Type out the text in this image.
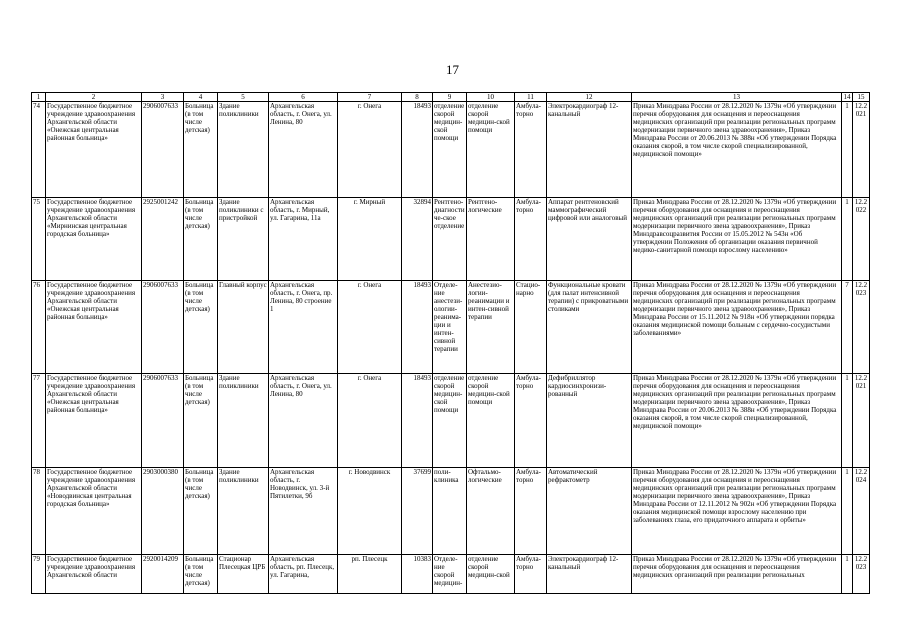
17
1	2	3	4	5	6	7	8	9	10	11	12	13	14	15
74	Государственное бюджетное учреждение здравоохранения Архангельской области «Онежская центральная районная больница»	2906007633	Больница (в том числе детская)	Здание поликлиники	Архангельская область, г. Онега, ул. Ленина, 80	г. Онега	18493	отделение скорой медицин-ской помощи	отделение скорой медицин-ской помощи	Амбула-торно	Электрокардиограф 12-канальный	Приказ Минздрава России от 28.12.2020 № 1379н «Об утверждении перечня оборудования для оснащения и переоснащения медицинских организаций при реализации региональных программ модернизации первичного звена здравоохранения», Приказ Минздрава России от 20.06.2013 № 388н «Об утверждении Порядка оказания скорой, в том числе скорой специализированной, медицинской помощи»	1	12.2021
75	Государственное бюджетное учреждение здравоохранения Архангельской области «Мирнинская центральная городская больница»	2925001242	Больница (в том числе детская)	Здание поликлиники с пристройкой	Архангельская область, г. Мирный, ул. Гагарина, 11а	г. Мирный	32894	Рентгено-диагностиче-ское отделение	Рентгено-логические	Амбула-торно	Аппарат рентгеновский маммографический цифровой или аналоговый	Приказ Минздрава России от 28.12.2020 № 1379н «Об утверждении перечня оборудования для оснащения и переоснащения медицинских организаций при реализации региональных программ модернизации первичного звена здравоохранения», Приказ Минздравсоцразвития России от 15.05.2012 № 543н «Об утверждении Положения об организации оказания первичной медико-санитарной помощи взрослому населению»	1	12.2022
76	Государственное бюджетное учреждение здравоохранения Архангельской области «Онежская центральная районная больница»	2906007633	Больница (в том числе детская)	Главный корпус	Архангельская область, г. Онега, пр. Ленина, 80 строение 1	г. Онега	18493	Отделе-ние анестези-ологии-реанима-ции и интен-сивной терапии	Анестезио-логии-реанимации и интен-сивной терапии	Стацио-нарно	Функциональные кровати (для палат интенсивной терапии) с прикроватными столиками	Приказ Минздрава России от 28.12.2020 № 1379н «Об утверждении перечня оборудования для оснащения и переоснащения медицинских организаций при реализации региональных программ модернизации первичного звена здравоохранения», Приказ Минздрава России от 15.11.2012 № 918н «Об утверждении порядка оказания медицинской помощи больным с сердечно-сосудистыми заболеваниями»	7	12.2023
77	Государственное бюджетное учреждение здравоохранения Архангельской области «Онежская центральная районная больница»	2906007633	Больница (в том числе детская)	Здание поликлиники	Архангельская область, г. Онега, ул. Ленина, 80	г. Онега	18493	отделение скорой медицин-ской помощи	отделение скорой медицин-ской помощи	Амбула-торно	Дефибриллятор кардиосинхронизи-рованный	Приказ Минздрава России от 28.12.2020 № 1379н «Об утверждении перечня оборудования для оснащения и переоснащения медицинских организаций при реализации региональных программ модернизации первичного звена здравоохранения», Приказ Минздрава России от 20.06.2013 № 388н «Об утверждении Порядка оказания скорой, в том числе скорой специализированной, медицинской помощи»	1	12.2021
78	Государственное бюджетное учреждение здравоохранения Архангельской области «Новодвинская центральная городская больница»	2903000380	Больница (в том числе детская)	Здание поликлиники	Архангельская область, г. Новодвинск, ул. 3-й Пятилетки, 9б	г. Новодвинск	37699	поли-клиника	Офтальмо-логические	Амбула-торно	Автоматический рефрактометр	Приказ Минздрава России от 28.12.2020 № 1379н «Об утверждении перечня оборудования для оснащения и переоснащения медицинских организаций при реализации региональных программ модернизации первичного звена здравоохранения», Приказ Минздрава России от 12.11.2012 № 902н «Об утверждении Порядка оказания медицинской помощи взрослому населению при заболеваниях глаза, его придаточного аппарата и орбиты»	1	12.2024
79	Государственное бюджетное учреждение здравоохранения Архангельской области	2920014209	Больница (в том числе детская)	Стационар Плесецкая ЦРБ	Архангельская область, рп. Плесецк, ул. Гагарина,	рп. Плесецк	10383	Отделе-ние скорой медицин-	отделение скорой медицин-ской	Амбула-торно	Электрокардиограф 12-канальный	Приказ Минздрава России от 28.12.2020 № 1379н «Об утверждении перечня оборудования для оснащения и переоснащения медицинских организаций при реализации региональных	1	12.2023
